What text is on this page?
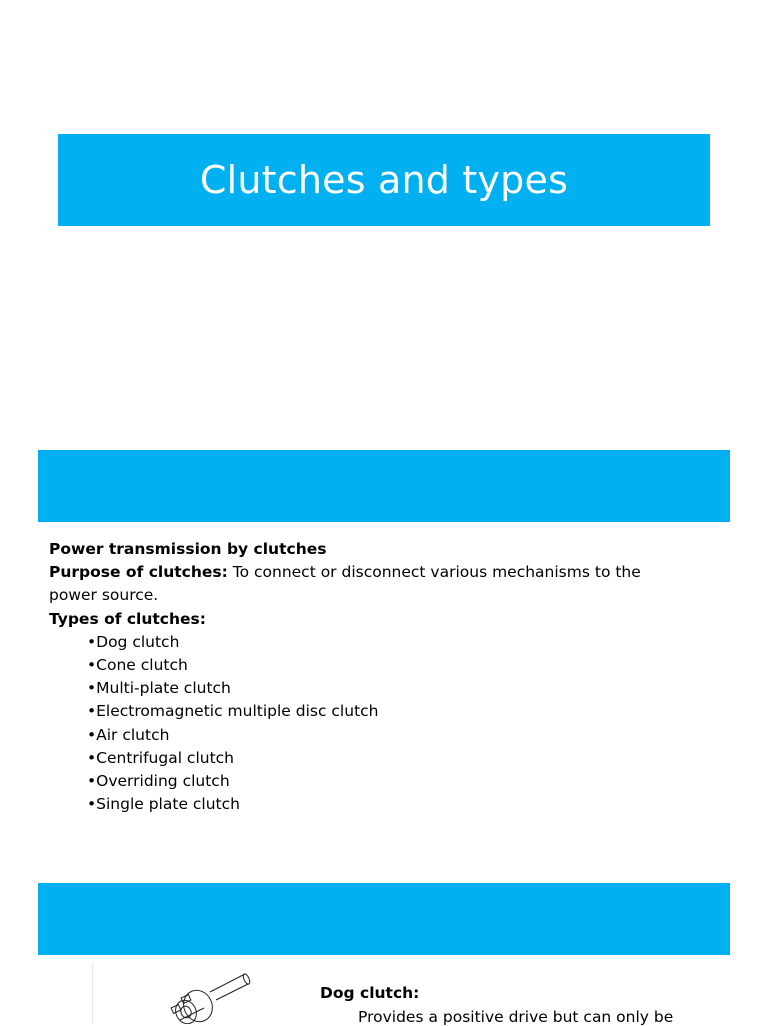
Clutches and types

Power transmission by clutches

Purpose of clutches: To connect or disconnect various mechanisms to the power source.

Types of clutches:

•Dog clutch
•Cone clutch
•Multi-plate clutch
•Electromagnetic multiple disc clutch
•Air clutch
•Centrifugal clutch
•Overriding clutch
•Single plate clutch
Dog clutch:
Provides a positive drive but can only be
